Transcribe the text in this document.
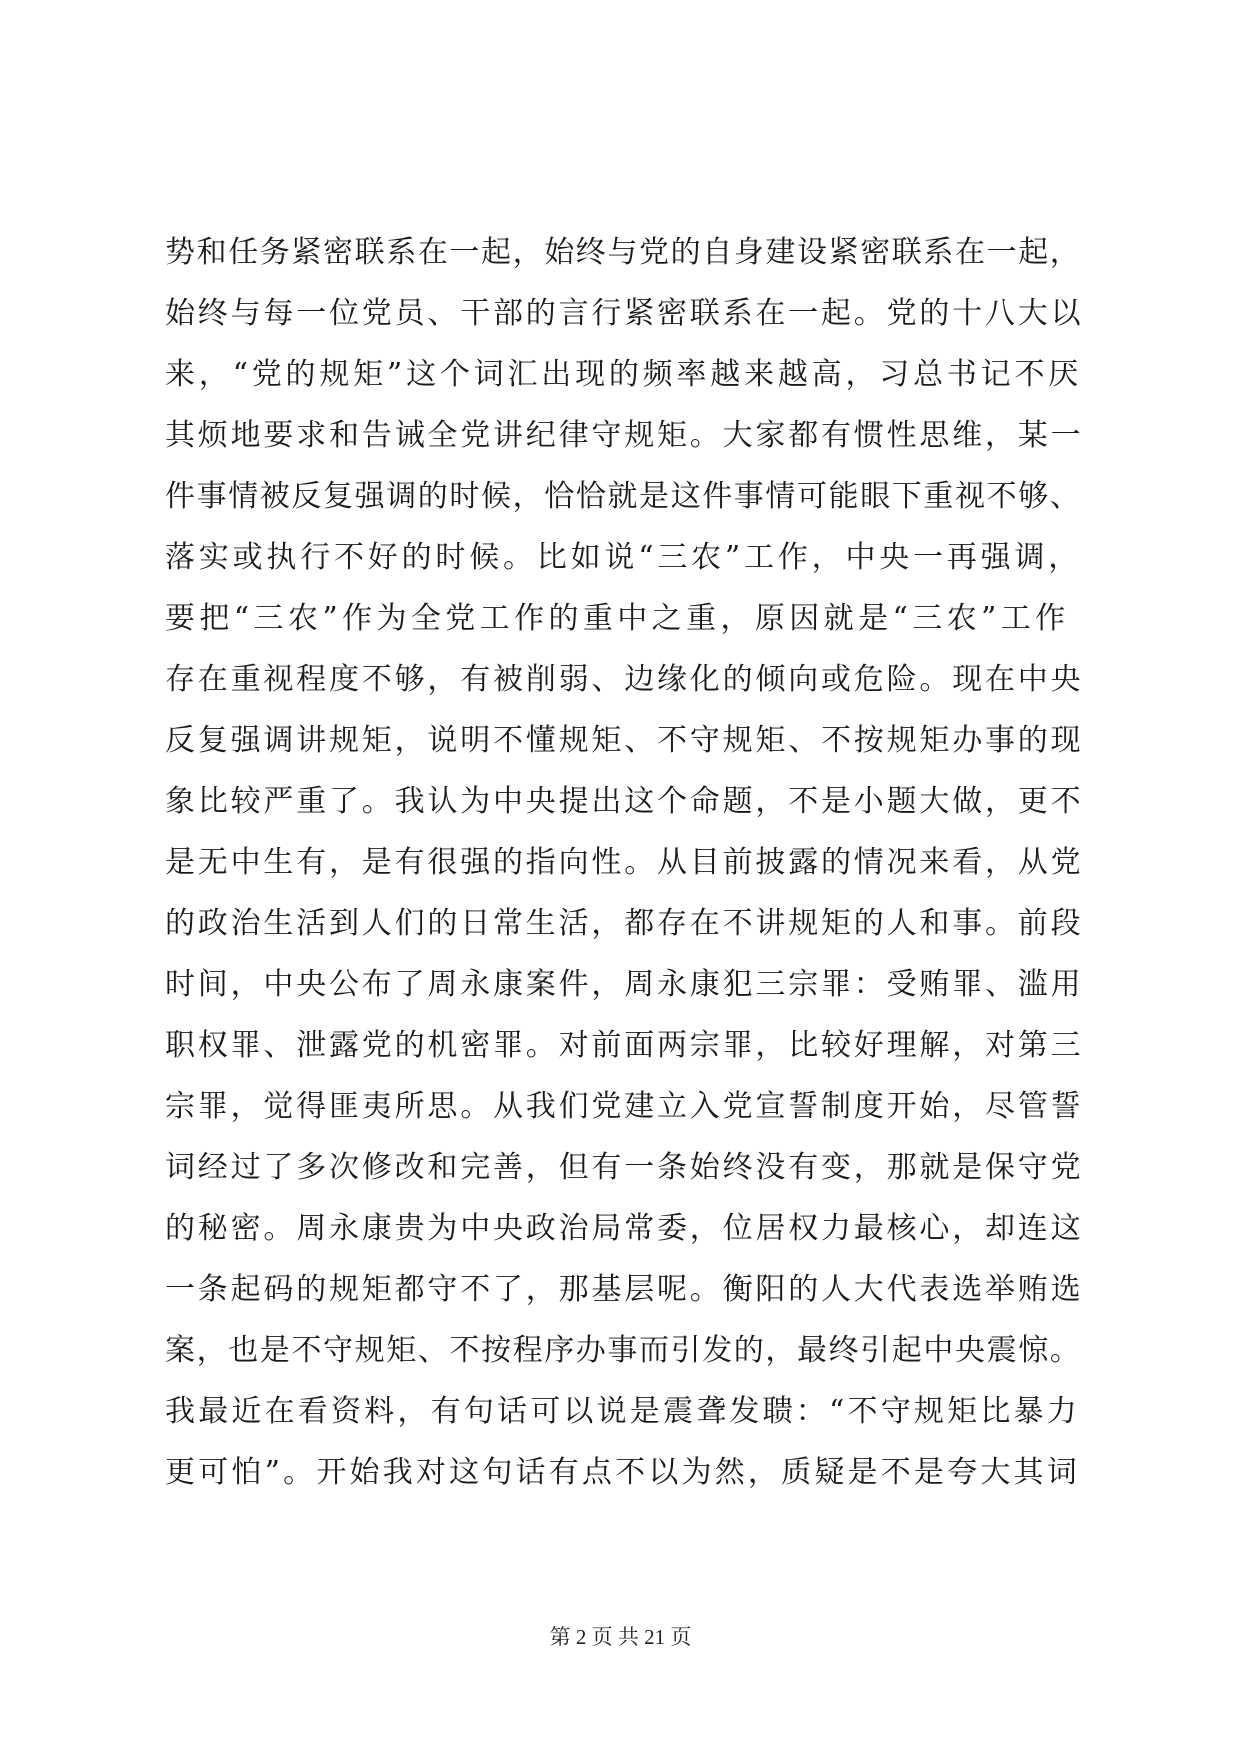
势和任务紧密联系在一起，始终与党的自身建设紧密联系在一起，
始终与每一位党员、干部的言行紧密联系在一起。党的十八大以
来，“党的规矩”这个词汇出现的频率越来越高，习总书记不厌
其烦地要求和告诫全党讲纪律守规矩。大家都有惯性思维，某一
件事情被反复强调的时候，恰恰就是这件事情可能眼下重视不够、
落实或执行不好的时候。比如说“三农”工作，中央一再强调，
要把“三农”作为全党工作的重中之重，原因就是“三农”工作
存在重视程度不够，有被削弱、边缘化的倾向或危险。现在中央
反复强调讲规矩，说明不懂规矩、不守规矩、不按规矩办事的现
象比较严重了。我认为中央提出这个命题，不是小题大做，更不
是无中生有，是有很强的指向性。从目前披露的情况来看，从党
的政治生活到人们的日常生活，都存在不讲规矩的人和事。前段
时间，中央公布了周永康案件，周永康犯三宗罪：受贿罪、滥用
职权罪、泄露党的机密罪。对前面两宗罪，比较好理解，对第三
宗罪，觉得匪夷所思。从我们党建立入党宣誓制度开始，尽管誓
词经过了多次修改和完善，但有一条始终没有变，那就是保守党
的秘密。周永康贵为中央政治局常委，位居权力最核心，却连这
一条起码的规矩都守不了，那基层呢。衡阳的人大代表选举贿选
案，也是不守规矩、不按程序办事而引发的，最终引起中央震惊。
我最近在看资料，有句话可以说是震聋发聩：“不守规矩比暴力
更可怕”。开始我对这句话有点不以为然，质疑是不是夸大其词
第 2 页 共 21 页
